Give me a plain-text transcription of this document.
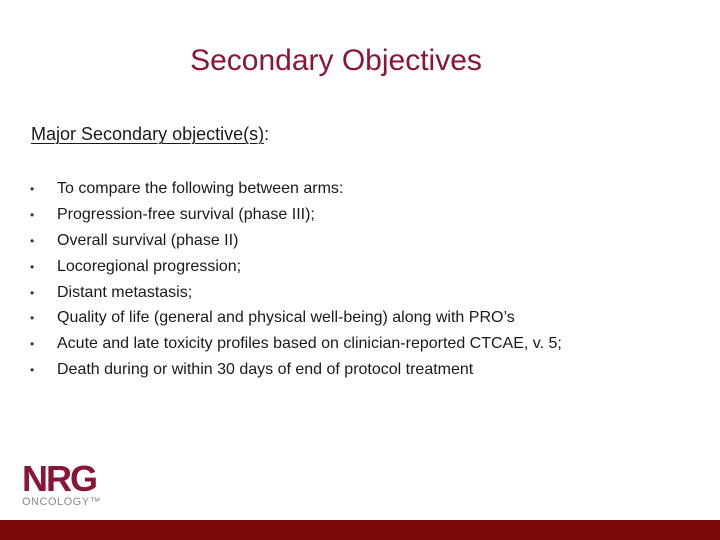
Secondary Objectives
Major Secondary objective(s):
•	To compare the following between arms:
•	Progression-free survival (phase III);
•	Overall survival (phase II)
•	Locoregional progression;
•	Distant metastasis;
•	Quality of life (general and physical well-being) along with PRO’s
•	Acute and late toxicity profiles based on clinician-reported CTCAE, v. 5;
•	Death during or within 30 days of end of protocol treatment
NRG
ONCOLOGY™
